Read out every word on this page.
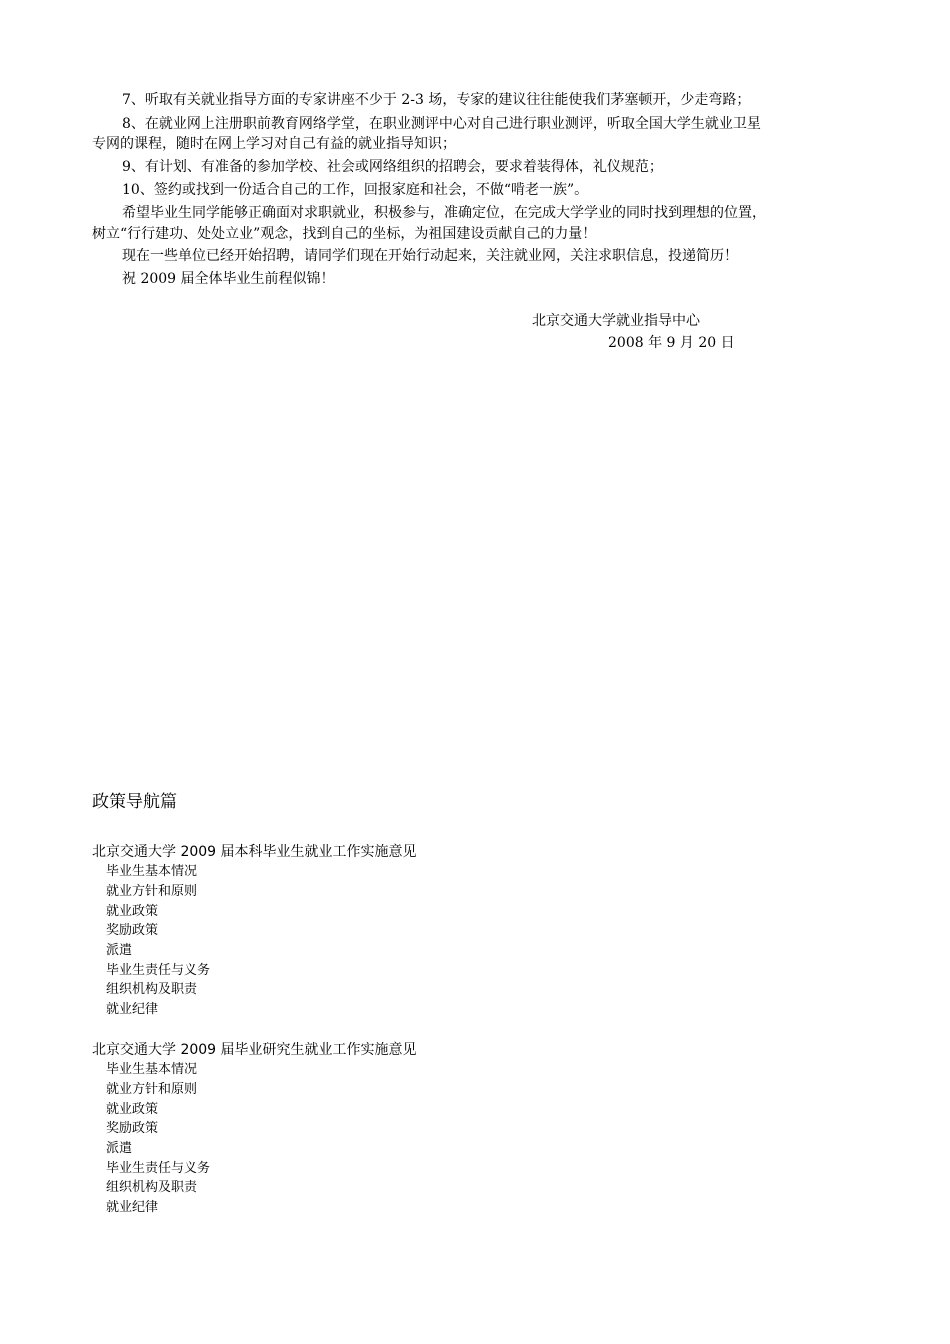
7、听取有关就业指导方面的专家讲座不少于 2-3 场，专家的建议往往能使我们茅塞顿开，少走弯路；
8、在就业网上注册职前教育网络学堂，在职业测评中心对自己进行职业测评，听取全国大学生就业卫星
专网的课程，随时在网上学习对自己有益的就业指导知识；
9、有计划、有准备的参加学校、社会或网络组织的招聘会，要求着装得体，礼仪规范；
10、签约或找到一份适合自己的工作，回报家庭和社会，不做“啃老一族”。
希望毕业生同学能够正确面对求职就业，积极参与，准确定位，在完成大学学业的同时找到理想的位置，
树立“行行建功、处处立业”观念，找到自己的坐标，为祖国建设贡献自己的力量！
现在一些单位已经开始招聘，请同学们现在开始行动起来，关注就业网，关注求职信息，投递简历！
祝 2009 届全体毕业生前程似锦！
北京交通大学就业指导中心
2008 年 9 月 20 日
政策导航篇
北京交通大学 2009 届本科毕业生就业工作实施意见
毕业生基本情况
就业方针和原则
就业政策
奖励政策
派遣
毕业生责任与义务
组织机构及职责
就业纪律
北京交通大学 2009 届毕业研究生就业工作实施意见
毕业生基本情况
就业方针和原则
就业政策
奖励政策
派遣
毕业生责任与义务
组织机构及职责
就业纪律
